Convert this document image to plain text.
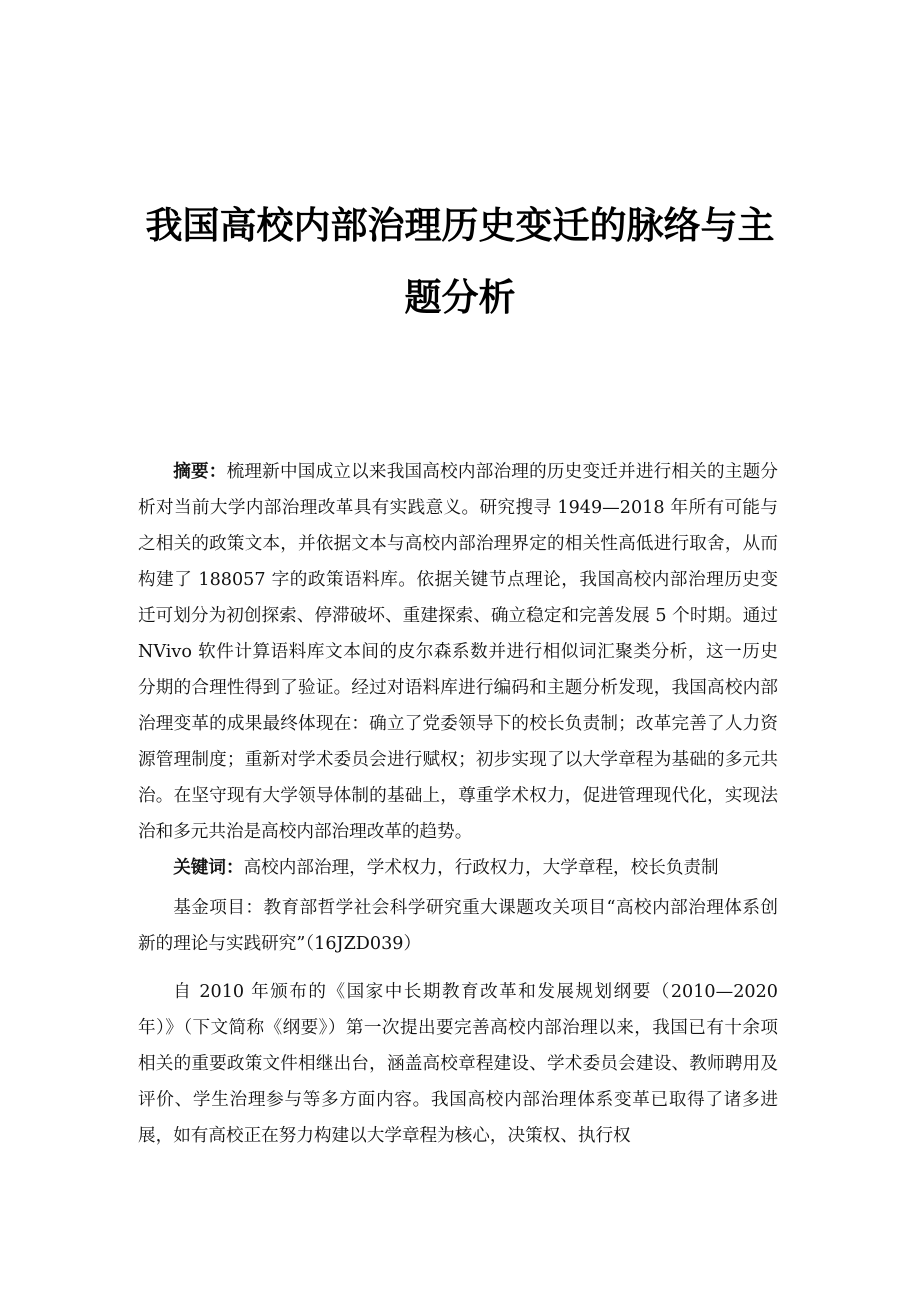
我国高校内部治理历史变迁的脉络与主题分析

摘要：梳理新中国成立以来我国高校内部治理的历史变迁并进行相关的主题分析对当前大学内部治理改革具有实践意义。研究搜寻 1949—2018 年所有可能与之相关的政策文本，并依据文本与高校内部治理界定的相关性高低进行取舍，从而构建了 188057 字的政策语料库。依据关键节点理论，我国高校内部治理历史变迁可划分为初创探索、停滞破坏、重建探索、确立稳定和完善发展 5 个时期。通过 NVivo 软件计算语料库文本间的皮尔森系数并进行相似词汇聚类分析，这一历史分期的合理性得到了验证。经过对语料库进行编码和主题分析发现，我国高校内部治理变革的成果最终体现在：确立了党委领导下的校长负责制；改革完善了人力资源管理制度；重新对学术委员会进行赋权；初步实现了以大学章程为基础的多元共治。在坚守现有大学领导体制的基础上，尊重学术权力，促进管理现代化，实现法治和多元共治是高校内部治理改革的趋势。

关键词：高校内部治理，学术权力，行政权力，大学章程，校长负责制

基金项目：教育部哲学社会科学研究重大课题攻关项目“高校内部治理体系创新的理论与实践研究”（16JZD039）

自 2010 年颁布的《国家中长期教育改革和发展规划纲要（2010—2020 年）》（下文简称《纲要》）第一次提出要完善高校内部治理以来，我国已有十余项相关的重要政策文件相继出台，涵盖高校章程建设、学术委员会建设、教师聘用及评价、学生治理参与等多方面内容。我国高校内部治理体系变革已取得了诸多进展，如有高校正在努力构建以大学章程为核心，决策权、执行权
